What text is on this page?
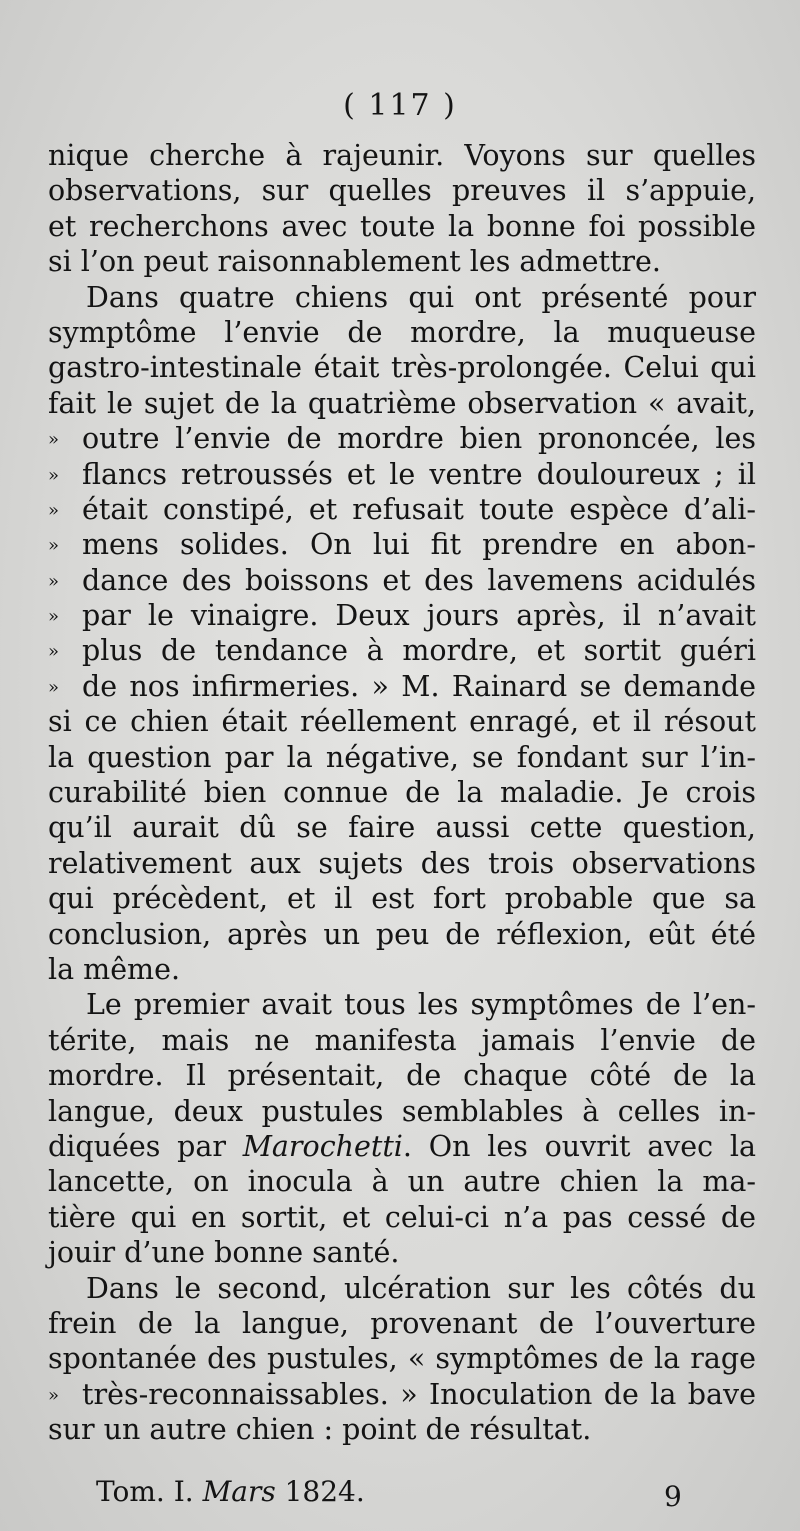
( 117 )
nique cherche à rajeunir. Voyons sur quelles
observations, sur quelles preuves il s’appuie,
et recherchons avec toute la bonne foi possible
si l’on peut raisonnablement les admettre.
Dans quatre chiens qui ont présenté pour
symptôme l’envie de mordre, la muqueuse
gastro-intestinale était très-prolongée. Celui qui
fait le sujet de la quatrième observation « avait,
» outre l’envie de mordre bien prononcée, les
» flancs retroussés et le ventre douloureux ; il
» était constipé, et refusait toute espèce d’ali-
» mens solides. On lui fit prendre en abon-
» dance des boissons et des lavemens acidulés
» par le vinaigre. Deux jours après, il n’avait
» plus de tendance à mordre, et sortit guéri
» de nos infirmeries. » M. Rainard se demande
si ce chien était réellement enragé, et il résout
la question par la négative, se fondant sur l’in-
curabilité bien connue de la maladie. Je crois
qu’il aurait dû se faire aussi cette question,
relativement aux sujets des trois observations
qui précèdent, et il est fort probable que sa
conclusion, après un peu de réflexion, eût été
la même.
Le premier avait tous les symptômes de l’en-
térite, mais ne manifesta jamais l’envie de
mordre. Il présentait, de chaque côté de la
langue, deux pustules semblables à celles in-
diquées par Marochetti. On les ouvrit avec la
lancette, on inocula à un autre chien la ma-
tière qui en sortit, et celui-ci n’a pas cessé de
jouir d’une bonne santé.
Dans le second, ulcération sur les côtés du
frein de la langue, provenant de l’ouverture
spontanée des pustules, « symptômes de la rage
» très-reconnaissables. » Inoculation de la bave
sur un autre chien : point de résultat.
Tom. I. Mars 1824.	9
